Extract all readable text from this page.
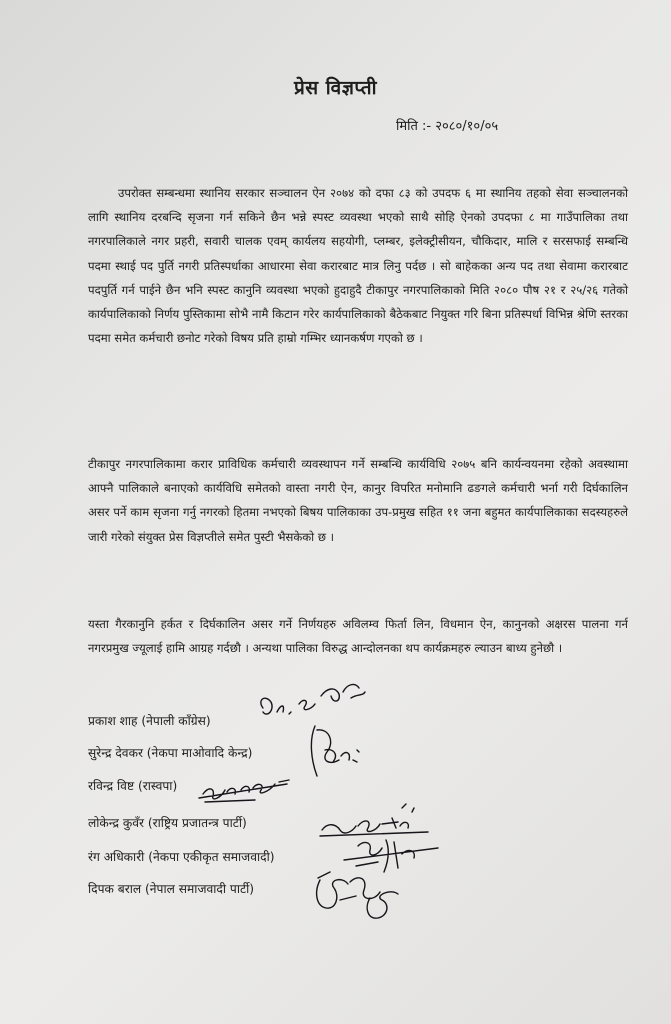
प्रेस विज्ञप्ती
मिति :- २०८०/१०/०५

उपरोक्त सम्बन्धमा स्थानिय सरकार सञ्चालन ऐन २०७४ को दफा ८३ को उपदफ ६ मा स्थानिय तहको सेवा सञ्चालनको लागि स्थानिय दरबन्दि सृजना गर्न सकिने छैन भन्ने स्पस्ट व्यवस्था भएको साथै सोहि ऐनको उपदफा ८ मा गाउँपालिका तथा नगरपालिकाले नगर प्रहरी, सवारी चालक एवम् कार्यलय सहयोगी, प्लम्बर, इलेक्ट्रीसीयन, चौकिदार, मालि र सरसफाई सम्बन्धि पदमा स्थाई पद पुर्ति नगरी प्रतिस्पर्धाका आधारमा सेवा करारबाट मात्र लिनु पर्दछ । सो बाहेकका अन्य पद तथा सेवामा करारबाट पदपुर्ति गर्न पाईने छैन भनि स्पस्ट कानुनि व्यवस्था भएको हुदाहुदै टीकापुर नगरपालिकाको मिति २०८० पौष २१ र २५/२६ गतेको कार्यपालिकाको निर्णय पुस्तिकामा सोभै नामै किटान गरेर कार्यपालिकाको बैठेकबाट नियुक्त गरि बिना प्रतिस्पर्धा विभिन्न श्रेणि स्तरका पदमा समेत कर्मचारी छनोट गरेको विषय प्रति हाम्रो गम्भिर ध्यानकर्षण गएको छ ।

टीकापुर नगरपालिकामा करार प्राविधिक कर्मचारी व्यवस्थापन गर्ने सम्बन्धि कार्यविधि २०७५ बनि कार्यन्वयनमा रहेको अवस्थामा आफ्नै पालिकाले बनाएको कार्यविधि समेतको वास्ता नगरी ऐन, कानुर विपरित मनोमानि ढङगले कर्मचारी भर्ना गरी दिर्घकालिन असर पर्ने काम सृजना गर्नु नगरको हितमा नभएको बिषय पालिकाका उप-प्रमुख सहित ११ जना बहुमत कार्यपालिकाका सदस्यहरुले जारी गरेको संयुक्त प्रेस विज्ञप्तीले समेत पुस्टी भैसकेको छ ।

यस्ता गैरकानुनि हर्कत र दिर्घकालिन असर गर्ने निर्णयहरु अविलम्व फिर्ता लिन, विधमान ऐन, कानुनको अक्षरस पालना गर्न नगरप्रमुख ज्यूलाई हामि आग्रह गर्दछौ । अन्यथा पालिका विरुद्ध आन्दोलनका थप कार्यक्रमहरु ल्याउन बाध्य हुनेछौ ।

प्रकाश शाह (नेपाली काँग्रेस)
सुरेन्द्र देवकर (नेकपा माओवादि केन्द्र)
रविन्द्र विष्ट (रास्वपा)
लोकेन्द्र कुवँर (राष्ट्रिय प्रजातन्त्र पार्टी)
रंग अधिकारी (नेकपा एकीकृत समाजवादी)
दिपक बराल (नेपाल समाजवादी पार्टी)
